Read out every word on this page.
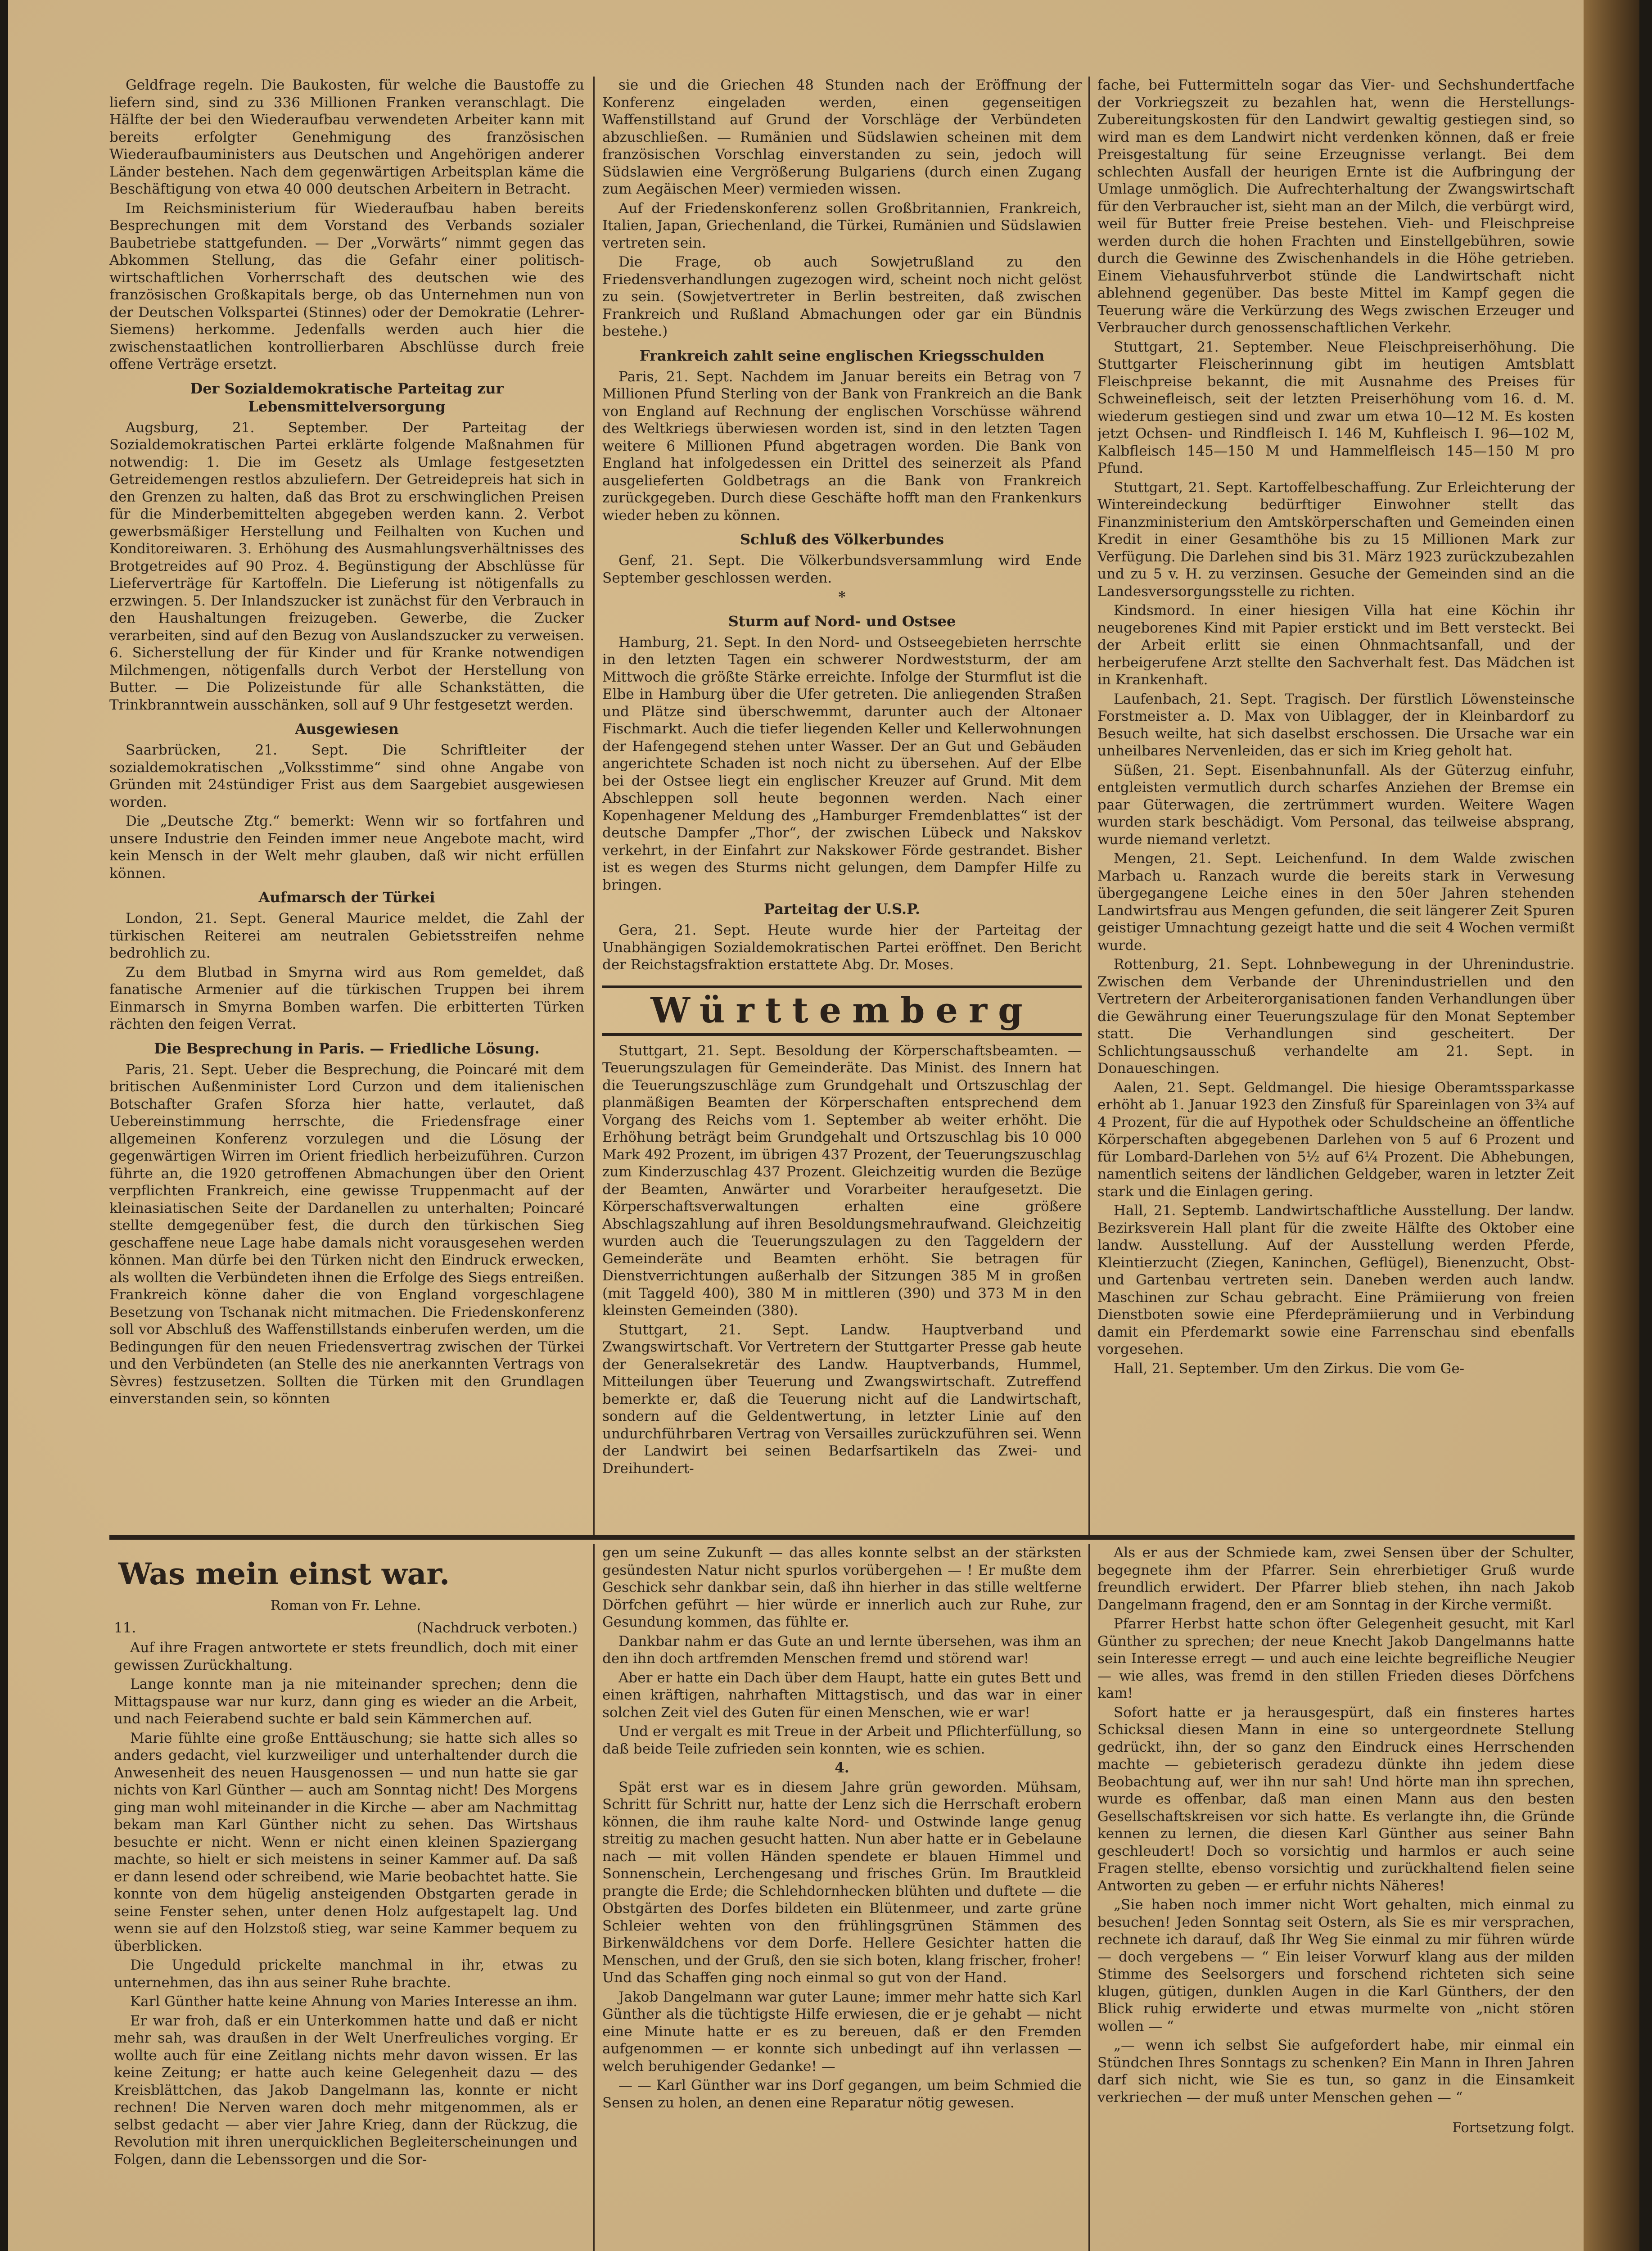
Geldfrage regeln. Die Baukosten, für welche die Baustoffe zu liefern sind, sind zu 336 Millionen Franken veranschlagt. Die Hälfte der bei den Wiederaufbau verwendeten Arbeiter kann mit bereits erfolgter Genehmigung des französischen Wiederaufbauministers aus Deutschen und Angehörigen anderer Länder bestehen. Nach dem gegenwärtigen Arbeitsplan käme die Beschäftigung von etwa 40 000 deutschen Arbeitern in Betracht.
Im Reichsministerium für Wiederaufbau haben bereits Besprechungen mit dem Vorstand des Verbands sozialer Baubetriebe stattgefunden. — Der „Vorwärts“ nimmt gegen das Abkommen Stellung, das die Gefahr einer politisch-wirtschaftlichen Vorherrschaft des deutschen wie des französischen Großkapitals berge, ob das Unternehmen nun von der Deutschen Volkspartei (Stinnes) oder der Demokratie (Lehrer-Siemens) herkomme. Jedenfalls werden auch hier die zwischenstaatlichen kontrollierbaren Abschlüsse durch freie offene Verträge ersetzt.
Der Sozialdemokratische Parteitag zur Lebensmittelversorgung
Augsburg, 21. September. Der Parteitag der Sozialdemokratischen Partei erklärte folgende Maßnahmen für notwendig: 1. Die im Gesetz als Umlage festgesetzten Getreidemengen restlos abzuliefern. Der Getreidepreis hat sich in den Grenzen zu halten, daß das Brot zu erschwinglichen Preisen für die Minderbemittelten abgegeben werden kann. 2. Verbot gewerbsmäßiger Herstellung und Feilhalten von Kuchen und Konditoreiwaren. 3. Erhöhung des Ausmahlungsverhältnisses des Brotgetreides auf 90 Proz. 4. Begünstigung der Abschlüsse für Lieferverträge für Kartoffeln. Die Lieferung ist nötigenfalls zu erzwingen. 5. Der Inlandszucker ist zunächst für den Verbrauch in den Haushaltungen freizugeben. Gewerbe, die Zucker verarbeiten, sind auf den Bezug von Auslandszucker zu verweisen. 6. Sicherstellung der für Kinder und für Kranke notwendigen Milchmengen, nötigenfalls durch Verbot der Herstellung von Butter. — Die Polizeistunde für alle Schankstätten, die Trinkbranntwein ausschänken, soll auf 9 Uhr festgesetzt werden.
Ausgewiesen
Saarbrücken, 21. Sept. Die Schriftleiter der sozialdemokratischen „Volksstimme“ sind ohne Angabe von Gründen mit 24stündiger Frist aus dem Saargebiet ausgewiesen worden.
Die „Deutsche Ztg.“ bemerkt: Wenn wir so fortfahren und unsere Industrie den Feinden immer neue Angebote macht, wird kein Mensch in der Welt mehr glauben, daß wir nicht erfüllen können.
Aufmarsch der Türkei
London, 21. Sept. General Maurice meldet, die Zahl der türkischen Reiterei am neutralen Gebietsstreifen nehme bedrohlich zu.
Zu dem Blutbad in Smyrna wird aus Rom gemeldet, daß fanatische Armenier auf die türkischen Truppen bei ihrem Einmarsch in Smyrna Bomben warfen. Die erbitterten Türken rächten den feigen Verrat.
Die Besprechung in Paris. — Friedliche Lösung.
Paris, 21. Sept. Ueber die Besprechung, die Poincaré mit dem britischen Außenminister Lord Curzon und dem italienischen Botschafter Grafen Sforza hier hatte, verlautet, daß Uebereinstimmung herrschte, die Friedensfrage einer allgemeinen Konferenz vorzulegen und die Lösung der gegenwärtigen Wirren im Orient friedlich herbeizuführen. Curzon führte an, die 1920 getroffenen Abmachungen über den Orient verpflichten Frankreich, eine gewisse Truppenmacht auf der kleinasiatischen Seite der Dardanellen zu unterhalten; Poincaré stellte demgegenüber fest, die durch den türkischen Sieg geschaffene neue Lage habe damals nicht vorausgesehen werden können. Man dürfe bei den Türken nicht den Eindruck erwecken, als wollten die Verbündeten ihnen die Erfolge des Siegs entreißen. Frankreich könne daher die von England vorgeschlagene Besetzung von Tschanak nicht mitmachen. Die Friedenskonferenz soll vor Abschluß des Waffenstillstands einberufen werden, um die Bedingungen für den neuen Friedensvertrag zwischen der Türkei und den Verbündeten (an Stelle des nie anerkannten Vertrags von Sèvres) festzusetzen. Sollten die Türken mit den Grundlagen einverstanden sein, so könnten
sie und die Griechen 48 Stunden nach der Eröffnung der Konferenz eingeladen werden, einen gegenseitigen Waffenstillstand auf Grund der Vorschläge der Verbündeten abzuschließen. — Rumänien und Südslawien scheinen mit dem französischen Vorschlag einverstanden zu sein, jedoch will Südslawien eine Vergrößerung Bulgariens (durch einen Zugang zum Aegäischen Meer) vermieden wissen.
Auf der Friedenskonferenz sollen Großbritannien, Frankreich, Italien, Japan, Griechenland, die Türkei, Rumänien und Südslawien vertreten sein.
Die Frage, ob auch Sowjetrußland zu den Friedensverhandlungen zugezogen wird, scheint noch nicht gelöst zu sein. (Sowjetvertreter in Berlin bestreiten, daß zwischen Frankreich und Rußland Abmachungen oder gar ein Bündnis bestehe.)
Frankreich zahlt seine englischen Kriegsschulden
Paris, 21. Sept. Nachdem im Januar bereits ein Betrag von 7 Millionen Pfund Sterling von der Bank von Frankreich an die Bank von England auf Rechnung der englischen Vorschüsse während des Weltkriegs überwiesen worden ist, sind in den letzten Tagen weitere 6 Millionen Pfund abgetragen worden. Die Bank von England hat infolgedessen ein Drittel des seinerzeit als Pfand ausgelieferten Goldbetrags an die Bank von Frankreich zurückgegeben. Durch diese Geschäfte hofft man den Frankenkurs wieder heben zu können.
Schluß des Völkerbundes
Genf, 21. Sept. Die Völkerbundsversammlung wird Ende September geschlossen werden.
*
Sturm auf Nord- und Ostsee
Hamburg, 21. Sept. In den Nord- und Ostseegebieten herrschte in den letzten Tagen ein schwerer Nordweststurm, der am Mittwoch die größte Stärke erreichte. Infolge der Sturmflut ist die Elbe in Hamburg über die Ufer getreten. Die anliegenden Straßen und Plätze sind überschwemmt, darunter auch der Altonaer Fischmarkt. Auch die tiefer liegenden Keller und Kellerwohnungen der Hafengegend stehen unter Wasser. Der an Gut und Gebäuden angerichtete Schaden ist noch nicht zu übersehen. Auf der Elbe bei der Ostsee liegt ein englischer Kreuzer auf Grund. Mit dem Abschleppen soll heute begonnen werden. Nach einer Kopenhagener Meldung des „Hamburger Fremdenblattes“ ist der deutsche Dampfer „Thor“, der zwischen Lübeck und Nakskov verkehrt, in der Einfahrt zur Nakskower Förde gestrandet. Bisher ist es wegen des Sturms nicht gelungen, dem Dampfer Hilfe zu bringen.
Parteitag der U.S.P.
Gera, 21. Sept. Heute wurde hier der Parteitag der Unabhängigen Sozialdemokratischen Partei eröffnet. Den Bericht der Reichstagsfraktion erstattete Abg. Dr. Moses.
Württemberg
Stuttgart, 21. Sept. Besoldung der Körperschaftsbeamten. — Teuerungszulagen für Gemeinderäte. Das Minist. des Innern hat die Teuerungszuschläge zum Grundgehalt und Ortszuschlag der planmäßigen Beamten der Körperschaften entsprechend dem Vorgang des Reichs vom 1. September ab weiter erhöht. Die Erhöhung beträgt beim Grundgehalt und Ortszuschlag bis 10 000 Mark 492 Prozent, im übrigen 437 Prozent, der Teuerungszuschlag zum Kinderzuschlag 437 Prozent. Gleichzeitig wurden die Bezüge der Beamten, Anwärter und Vorarbeiter heraufgesetzt. Die Körperschaftsverwaltungen erhalten eine größere Abschlagszahlung auf ihren Besoldungsmehraufwand. Gleichzeitig wurden auch die Teuerungszulagen zu den Taggeldern der Gemeinderäte und Beamten erhöht. Sie betragen für Dienstverrichtungen außerhalb der Sitzungen 385 M in großen (mit Taggeld 400), 380 M in mittleren (390) und 373 M in den kleinsten Gemeinden (380).
Stuttgart, 21. Sept. Landw. Hauptverband und Zwangswirtschaft. Vor Vertretern der Stuttgarter Presse gab heute der Generalsekretär des Landw. Hauptverbands, Hummel, Mitteilungen über Teuerung und Zwangswirtschaft. Zutreffend bemerkte er, daß die Teuerung nicht auf die Landwirtschaft, sondern auf die Geldentwertung, in letzter Linie auf den undurchführbaren Vertrag von Versailles zurückzuführen sei. Wenn der Landwirt bei seinen Bedarfsartikeln das Zwei- und Dreihundert-
fache, bei Futtermitteln sogar das Vier- und Sechshundertfache der Vorkriegszeit zu bezahlen hat, wenn die Herstellungs-Zubereitungskosten für den Landwirt gewaltig gestiegen sind, so wird man es dem Landwirt nicht verdenken können, daß er freie Preisgestaltung für seine Erzeugnisse verlangt. Bei dem schlechten Ausfall der heurigen Ernte ist die Aufbringung der Umlage unmöglich. Die Aufrechterhaltung der Zwangswirtschaft für den Verbraucher ist, sieht man an der Milch, die verbürgt wird, weil für Butter freie Preise bestehen. Vieh- und Fleischpreise werden durch die hohen Frachten und Einstellgebühren, sowie durch die Gewinne des Zwischenhandels in die Höhe getrieben. Einem Viehausfuhrverbot stünde die Landwirtschaft nicht ablehnend gegenüber. Das beste Mittel im Kampf gegen die Teuerung wäre die Verkürzung des Wegs zwischen Erzeuger und Verbraucher durch genossenschaftlichen Verkehr.
Stuttgart, 21. September. Neue Fleischpreiserhöhung. Die Stuttgarter Fleischerinnung gibt im heutigen Amtsblatt Fleischpreise bekannt, die mit Ausnahme des Preises für Schweinefleisch, seit der letzten Preiserhöhung vom 16. d. M. wiederum gestiegen sind und zwar um etwa 10—12 M. Es kosten jetzt Ochsen- und Rindfleisch I. 146 M, Kuhfleisch I. 96—102 M, Kalbfleisch 145—150 M und Hammelfleisch 145—150 M pro Pfund.
Stuttgart, 21. Sept. Kartoffelbeschaffung. Zur Erleichterung der Wintereindeckung bedürftiger Einwohner stellt das Finanzministerium den Amtskörperschaften und Gemeinden einen Kredit in einer Gesamthöhe bis zu 15 Millionen Mark zur Verfügung. Die Darlehen sind bis 31. März 1923 zurückzubezahlen und zu 5 v. H. zu verzinsen. Gesuche der Gemeinden sind an die Landesversorgungsstelle zu richten.
Kindsmord. In einer hiesigen Villa hat eine Köchin ihr neugeborenes Kind mit Papier erstickt und im Bett versteckt. Bei der Arbeit erlitt sie einen Ohnmachtsanfall, und der herbeigerufene Arzt stellte den Sachverhalt fest. Das Mädchen ist in Krankenhaft.
Laufenbach, 21. Sept. Tragisch. Der fürstlich Löwensteinsche Forstmeister a. D. Max von Uiblagger, der in Kleinbardorf zu Besuch weilte, hat sich daselbst erschossen. Die Ursache war ein unheilbares Nervenleiden, das er sich im Krieg geholt hat.
Süßen, 21. Sept. Eisenbahnunfall. Als der Güterzug einfuhr, entgleisten vermutlich durch scharfes Anziehen der Bremse ein paar Güterwagen, die zertrümmert wurden. Weitere Wagen wurden stark beschädigt. Vom Personal, das teilweise absprang, wurde niemand verletzt.
Mengen, 21. Sept. Leichenfund. In dem Walde zwischen Marbach u. Ranzach wurde die bereits stark in Verwesung übergegangene Leiche eines in den 50er Jahren stehenden Landwirtsfrau aus Mengen gefunden, die seit längerer Zeit Spuren geistiger Umnachtung gezeigt hatte und die seit 4 Wochen vermißt wurde.
Rottenburg, 21. Sept. Lohnbewegung in der Uhrenindustrie. Zwischen dem Verbande der Uhrenindustriellen und den Vertretern der Arbeiterorganisationen fanden Verhandlungen über die Gewährung einer Teuerungszulage für den Monat September statt. Die Verhandlungen sind gescheitert. Der Schlichtungsausschuß verhandelte am 21. Sept. in Donaueschingen.
Aalen, 21. Sept. Geldmangel. Die hiesige Oberamtssparkasse erhöht ab 1. Januar 1923 den Zinsfuß für Spareinlagen von 3¾ auf 4 Prozent, für die auf Hypothek oder Schuldscheine an öffentliche Körperschaften abgegebenen Darlehen von 5 auf 6 Prozent und für Lombard-Darlehen von 5½ auf 6¼ Prozent. Die Abhebungen, namentlich seitens der ländlichen Geldgeber, waren in letzter Zeit stark und die Einlagen gering.
Hall, 21. Septemb. Landwirtschaftliche Ausstellung. Der landw. Bezirksverein Hall plant für die zweite Hälfte des Oktober eine landw. Ausstellung. Auf der Ausstellung werden Pferde, Kleintierzucht (Ziegen, Kaninchen, Geflügel), Bienenzucht, Obst- und Gartenbau vertreten sein. Daneben werden auch landw. Maschinen zur Schau gebracht. Eine Prämiierung von freien Dienstboten sowie eine Pferdeprämiierung und in Verbindung damit ein Pferdemarkt sowie eine Farrenschau sind ebenfalls vorgesehen.
Hall, 21. September. Um den Zirkus. Die vom Ge-
Was mein einst war.
Roman von Fr. Lehne.
11.	(Nachdruck verboten.)
Auf ihre Fragen antwortete er stets freundlich, doch mit einer gewissen Zurückhaltung.
Lange konnte man ja nie miteinander sprechen; denn die Mittagspause war nur kurz, dann ging es wieder an die Arbeit, und nach Feierabend suchte er bald sein Kämmerchen auf.
Marie fühlte eine große Enttäuschung; sie hatte sich alles so anders gedacht, viel kurzweiliger und unterhaltender durch die Anwesenheit des neuen Hausgenossen — und nun hatte sie gar nichts von Karl Günther — auch am Sonntag nicht! Des Morgens ging man wohl miteinander in die Kirche — aber am Nachmittag bekam man Karl Günther nicht zu sehen. Das Wirtshaus besuchte er nicht. Wenn er nicht einen kleinen Spaziergang machte, so hielt er sich meistens in seiner Kammer auf. Da saß er dann lesend oder schreibend, wie Marie beobachtet hatte. Sie konnte von dem hügelig ansteigenden Obstgarten gerade in seine Fenster sehen, unter denen Holz aufgestapelt lag. Und wenn sie auf den Holzstoß stieg, war seine Kammer bequem zu überblicken.
Die Ungeduld prickelte manchmal in ihr, etwas zu unternehmen, das ihn aus seiner Ruhe brachte.
Karl Günther hatte keine Ahnung von Maries Interesse an ihm.
Er war froh, daß er ein Unterkommen hatte und daß er nicht mehr sah, was draußen in der Welt Unerfreuliches vorging. Er wollte auch für eine Zeitlang nichts mehr davon wissen. Er las keine Zeitung; er hatte auch keine Gelegenheit dazu — des Kreisblättchen, das Jakob Dangelmann las, konnte er nicht rechnen! Die Nerven waren doch mehr mitgenommen, als er selbst gedacht — aber vier Jahre Krieg, dann der Rückzug, die Revolution mit ihren unerquicklichen Begleiterscheinungen und Folgen, dann die Lebenssorgen und die Sor-
gen um seine Zukunft — das alles konnte selbst an der stärksten gesündesten Natur nicht spurlos vorübergehen — ! Er mußte dem Geschick sehr dankbar sein, daß ihn hierher in das stille weltferne Dörfchen geführt — hier würde er innerlich auch zur Ruhe, zur Gesundung kommen, das fühlte er.
Dankbar nahm er das Gute an und lernte übersehen, was ihm an den ihn doch artfremden Menschen fremd und störend war!
Aber er hatte ein Dach über dem Haupt, hatte ein gutes Bett und einen kräftigen, nahrhaften Mittagstisch, und das war in einer solchen Zeit viel des Guten für einen Menschen, wie er war!
Und er vergalt es mit Treue in der Arbeit und Pflichterfüllung, so daß beide Teile zufrieden sein konnten, wie es schien.
4.
Spät erst war es in diesem Jahre grün geworden. Mühsam, Schritt für Schritt nur, hatte der Lenz sich die Herrschaft erobern können, die ihm rauhe kalte Nord- und Ostwinde lange genug streitig zu machen gesucht hatten. Nun aber hatte er in Gebelaune nach — mit vollen Händen spendete er blauen Himmel und Sonnenschein, Lerchengesang und frisches Grün. Im Brautkleid prangte die Erde; die Schlehdornhecken blühten und duftete — die Obstgärten des Dorfes bildeten ein Blütenmeer, und zarte grüne Schleier wehten von den frühlingsgrünen Stämmen des Birkenwäldchens vor dem Dorfe. Hellere Gesichter hatten die Menschen, und der Gruß, den sie sich boten, klang frischer, froher! Und das Schaffen ging noch einmal so gut von der Hand.
Jakob Dangelmann war guter Laune; immer mehr hatte sich Karl Günther als die tüchtigste Hilfe erwiesen, die er je gehabt — nicht eine Minute hatte er es zu bereuen, daß er den Fremden aufgenommen — er konnte sich unbedingt auf ihn verlassen — welch beruhigender Gedanke! —
— — Karl Günther war ins Dorf gegangen, um beim Schmied die Sensen zu holen, an denen eine Reparatur nötig gewesen.
Als er aus der Schmiede kam, zwei Sensen über der Schulter, begegnete ihm der Pfarrer. Sein ehrerbietiger Gruß wurde freundlich erwidert. Der Pfarrer blieb stehen, ihn nach Jakob Dangelmann fragend, den er am Sonntag in der Kirche vermißt.
Pfarrer Herbst hatte schon öfter Gelegenheit gesucht, mit Karl Günther zu sprechen; der neue Knecht Jakob Dangelmanns hatte sein Interesse erregt — und auch eine leichte begreifliche Neugier — wie alles, was fremd in den stillen Frieden dieses Dörfchens kam!
Sofort hatte er ja herausgespürt, daß ein finsteres hartes Schicksal diesen Mann in eine so untergeordnete Stellung gedrückt, ihn, der so ganz den Eindruck eines Herrschenden machte — gebieterisch geradezu dünkte ihn jedem diese Beobachtung auf, wer ihn nur sah! Und hörte man ihn sprechen, wurde es offenbar, daß man einen Mann aus den besten Gesellschaftskreisen vor sich hatte. Es verlangte ihn, die Gründe kennen zu lernen, die diesen Karl Günther aus seiner Bahn geschleudert! Doch so vorsichtig und harmlos er auch seine Fragen stellte, ebenso vorsichtig und zurückhaltend fielen seine Antworten zu geben — er erfuhr nichts Näheres!
„Sie haben noch immer nicht Wort gehalten, mich einmal zu besuchen! Jeden Sonntag seit Ostern, als Sie es mir versprachen, rechnete ich darauf, daß Ihr Weg Sie einmal zu mir führen würde — doch vergebens — “ Ein leiser Vorwurf klang aus der milden Stimme des Seelsorgers und forschend richteten sich seine klugen, gütigen, dunklen Augen in die Karl Günthers, der den Blick ruhig erwiderte und etwas murmelte von „nicht stören wollen — “
„— wenn ich selbst Sie aufgefordert habe, mir einmal ein Stündchen Ihres Sonntags zu schenken? Ein Mann in Ihren Jahren darf sich nicht, wie Sie es tun, so ganz in die Einsamkeit verkriechen — der muß unter Menschen gehen — “
Fortsetzung folgt.
